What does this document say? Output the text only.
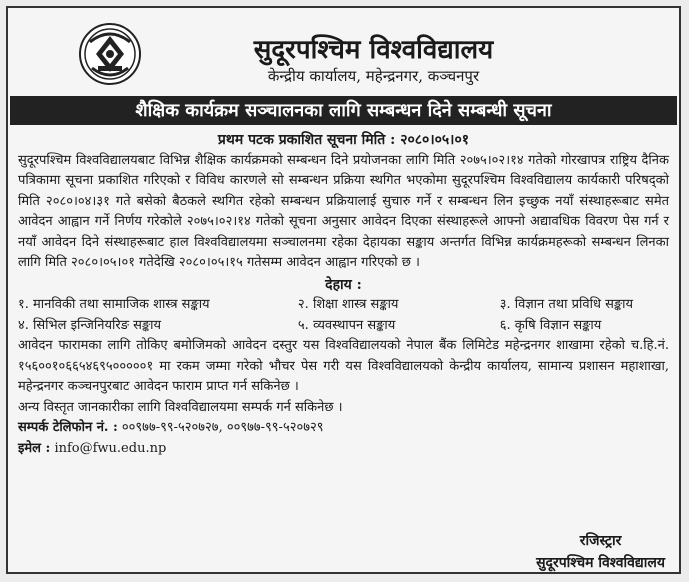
सुदूरपश्चिम विश्वविद्यालय
केन्द्रीय कार्यालय, महेन्द्रनगर, कञ्चनपुर
शैक्षिक कार्यक्रम सञ्चालनका लागि सम्बन्धन दिने सम्बन्धी सूचना
प्रथम पटक प्रकाशित सूचना मिति : २०८०।०५।०१

सुदूरपश्चिम विश्वविद्यालयबाट विभिन्न शैक्षिक कार्यक्रमको सम्बन्धन दिने प्रयोजनका लागि मिति २०७५।०२।१४ गतेको गोरखापत्र राष्ट्रिय दैनिक पत्रिकामा सूचना प्रकाशित गरिएको र विविध कारणले सो सम्बन्धन प्रक्रिया स्थगित भएकोमा सुदूरपश्चिम विश्वविद्यालय कार्यकारी परिषद्को मिति २०८०।०४।३१ गते बसेको बैठकले स्थगित रहेको सम्बन्धन प्रक्रियालाई सुचारु गर्ने र सम्बन्धन लिन इच्छुक नयाँ संस्थाहरूबाट समेत आवेदन आह्वान गर्ने निर्णय गरेकोले २०७५।०२।१४ गतेको सूचना अनुसार आवेदन दिएका संस्थाहरूले आफ्नो अद्यावधिक विवरण पेस गर्न र नयाँ आवेदन दिने संस्थाहरूबाट हाल विश्वविद्यालयमा सञ्चालनमा रहेका देहायका सङ्काय अन्तर्गत विभिन्न कार्यक्रमहरूको सम्बन्धन लिनका लागि मिति २०८०।०५।०१ गतेदेखि २०८०।०५।१५ गतेसम्म आवेदन आह्वान गरिएको छ ।

देहाय :
१. मानविकी तथा सामाजिक शास्त्र सङ्काय	२. शिक्षा शास्त्र सङ्काय	३. विज्ञान तथा प्रविधि सङ्काय
४. सिभिल इन्जिनियरिङ सङ्काय	५. व्यवस्थापन सङ्काय	६. कृषि विज्ञान सङ्काय

आवेदन फारामका लागि तोकिए बमोजिमको आवेदन दस्तुर यस विश्वविद्यालयको नेपाल बैंक लिमिटेड महेन्द्रनगर शाखामा रहेको च.हि.नं. १५६००१०६६५४६९५०००००१ मा रकम जम्मा गरेको भौचर पेस गरी यस विश्वविद्यालयको केन्द्रीय कार्यालय, सामान्य प्रशासन महाशाखा, महेन्द्रनगर कञ्चनपुरबाट आवेदन फाराम प्राप्त गर्न सकिनेछ ।

अन्य विस्तृत जानकारीका लागि विश्वविद्यालयमा सम्पर्क गर्न सकिनेछ ।

सम्पर्क टेलिफोन नं. : ००९७७-९९-५२०७२७, ००९७७-९९-५२०७२९
इमेल : info@fwu.edu.np
रजिस्ट्रार
सुदूरपश्चिम विश्वविद्यालय
